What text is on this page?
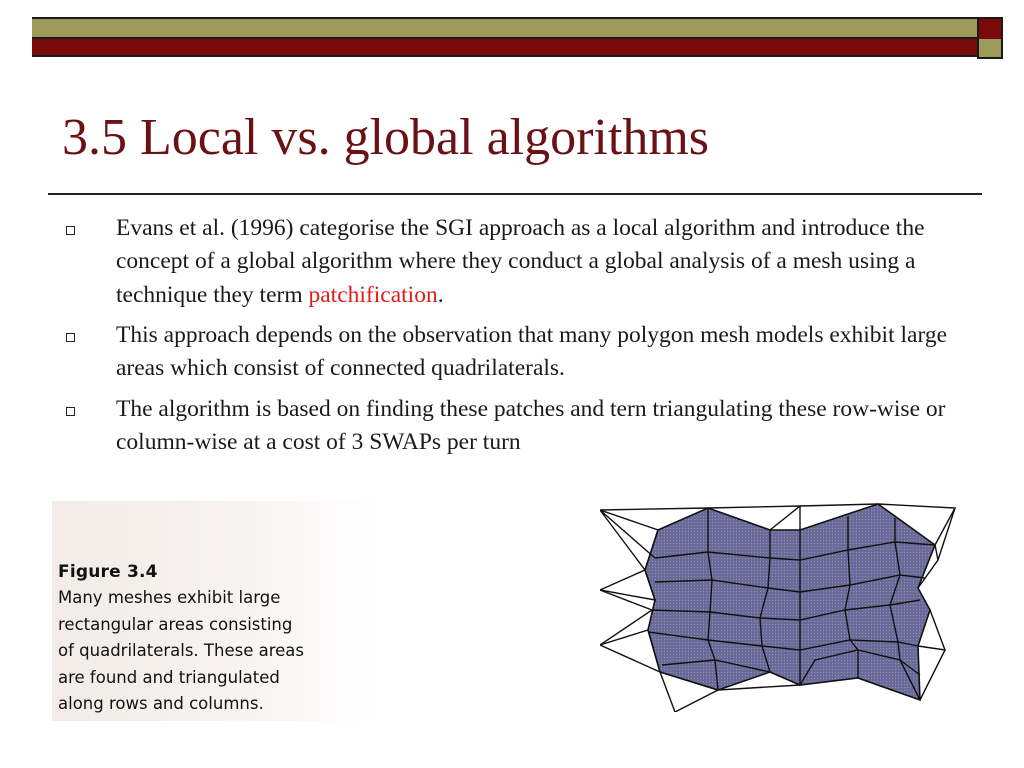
3.5 Local vs. global algorithms
Evans et al. (1996) categorise the SGI approach as a local algorithm and introduce the concept of a global algorithm where they conduct a global analysis of a mesh using a technique they term patchification.
This approach depends on the observation that many polygon mesh models exhibit large areas which consist of connected quadrilaterals.
The algorithm is based on finding these patches and tern triangulating these row-wise or column-wise at a cost of 3 SWAPs per turn
Figure 3.4
Many meshes exhibit large
rectangular areas consisting
of quadrilaterals. These areas
are found and triangulated
along rows and columns.
